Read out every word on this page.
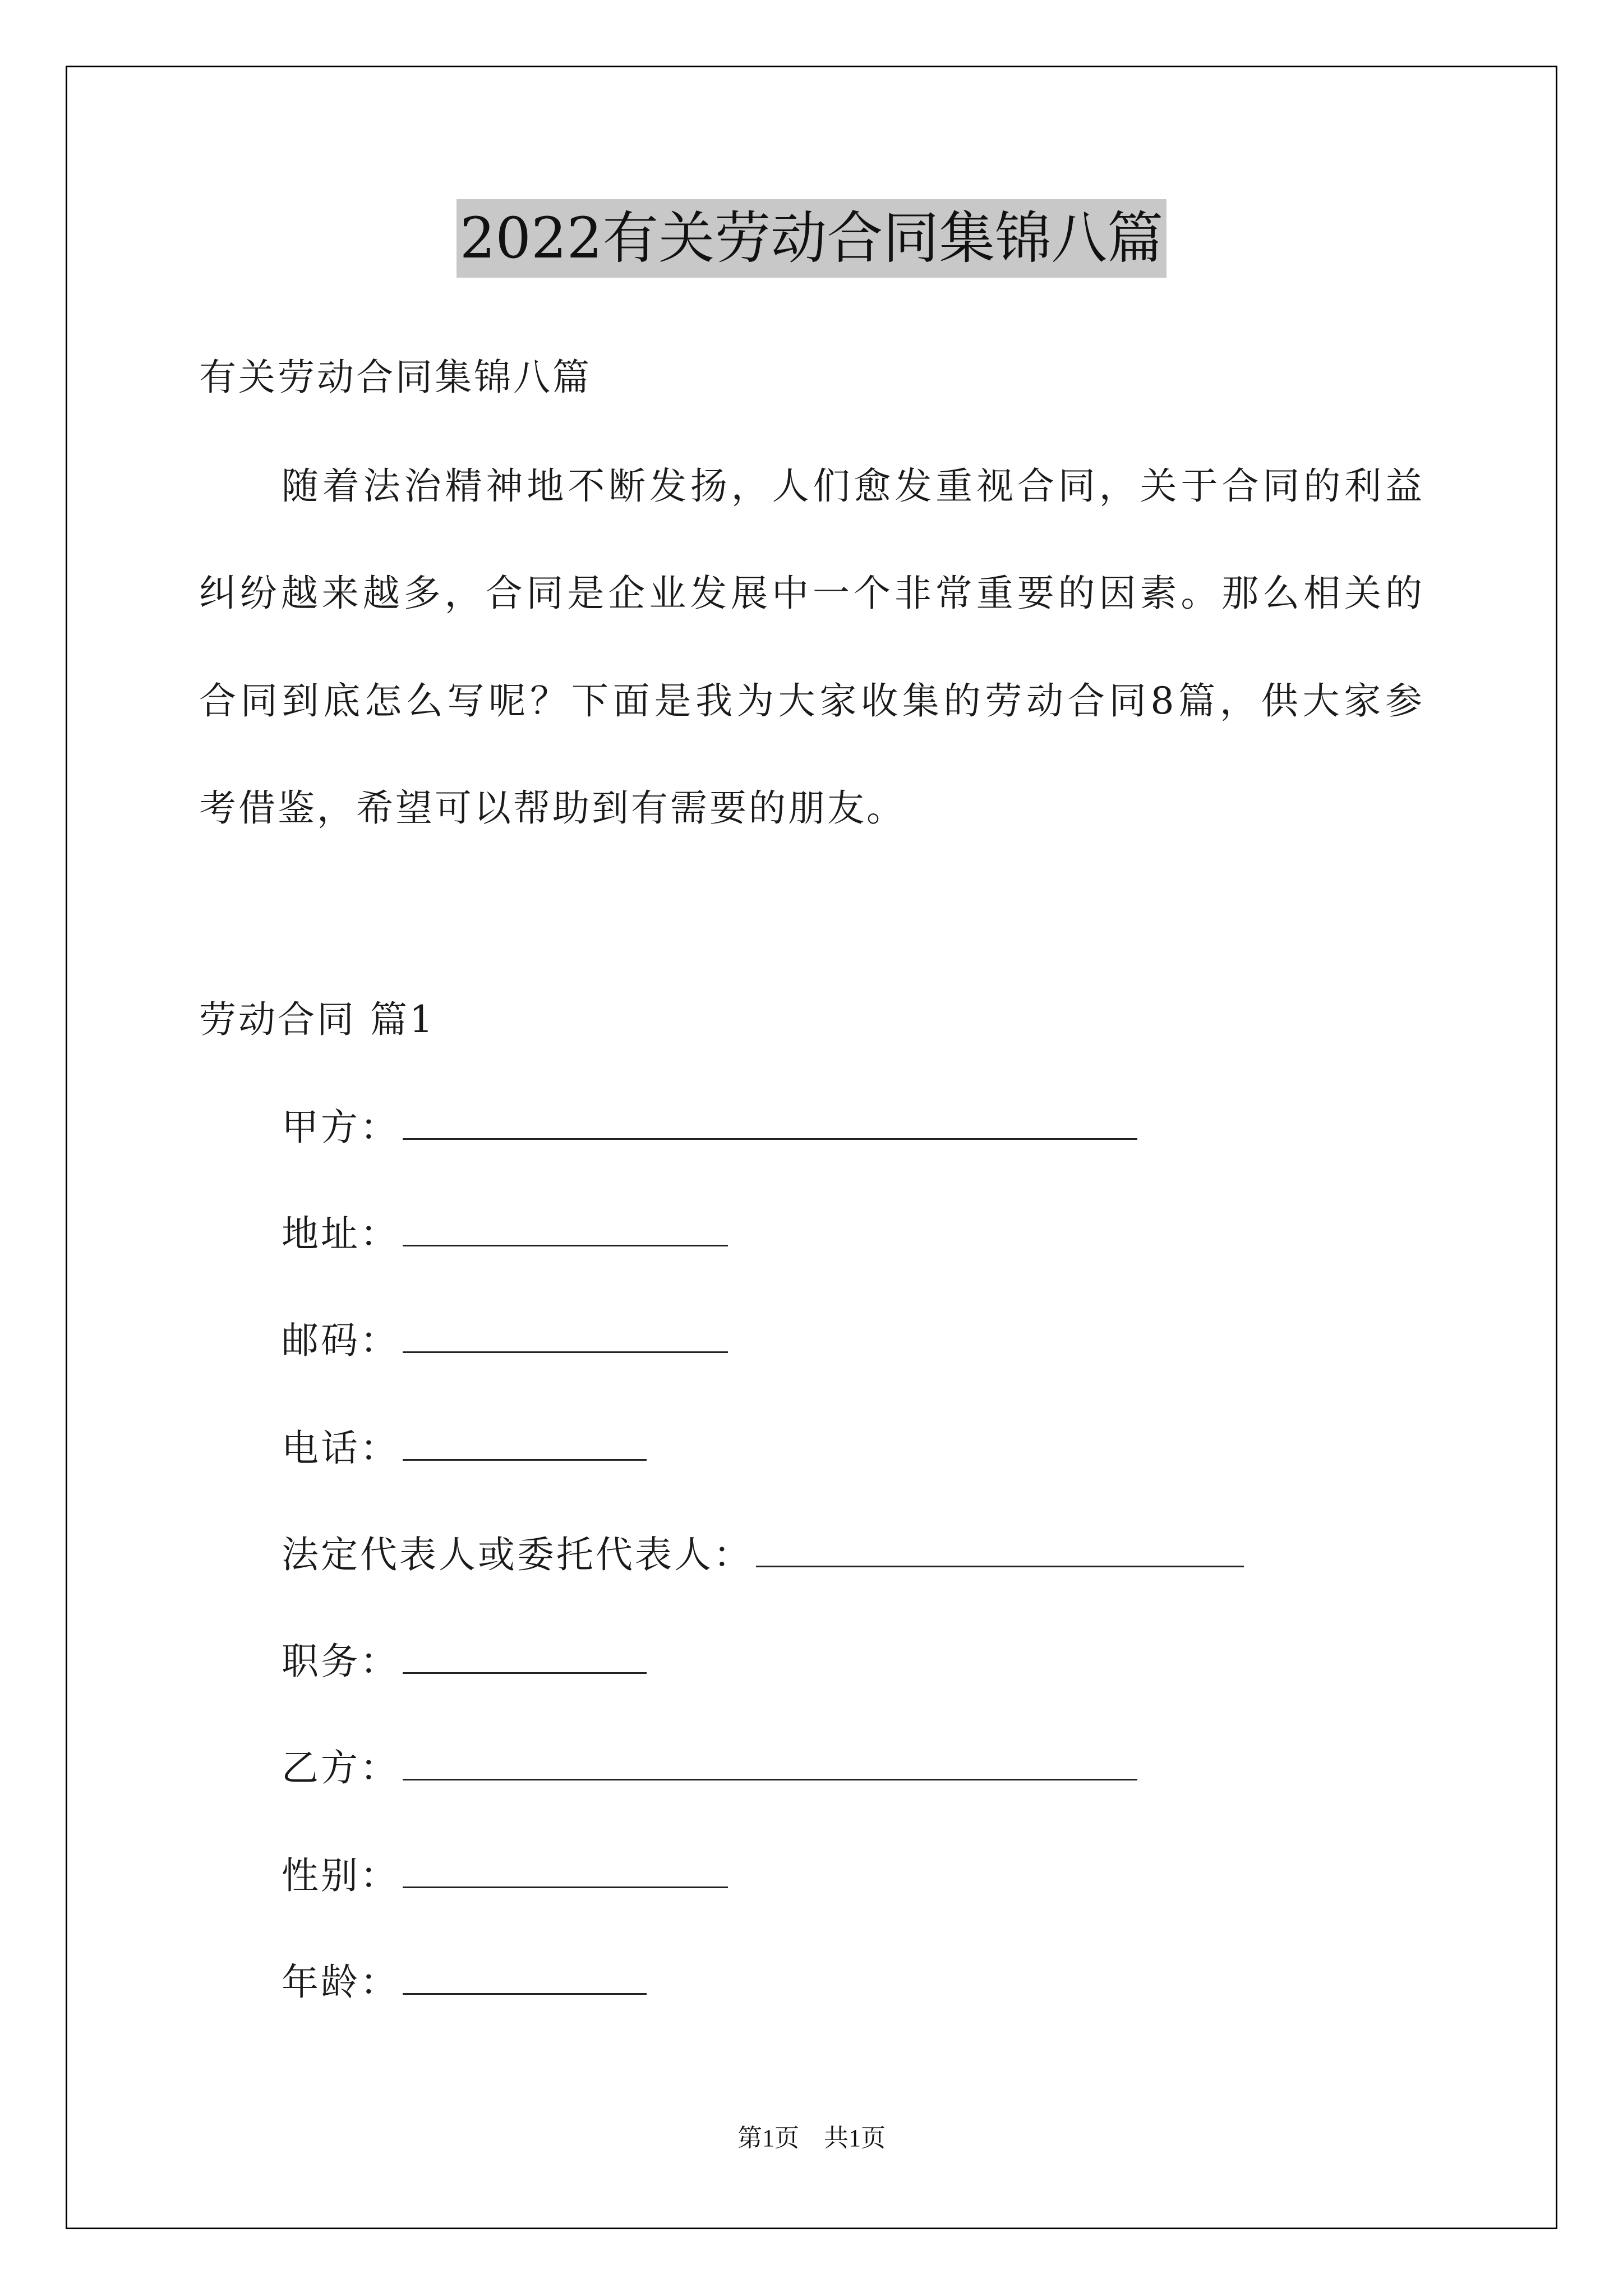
2022有关劳动合同集锦八篇
有关劳动合同集锦八篇
随着法治精神地不断发扬，人们愈发重视合同，关于合同的利益
纠纷越来越多，合同是企业发展中一个非常重要的因素。那么相关的
合同到底怎么写呢？下面是我为大家收集的劳动合同8篇，供大家参
考借鉴，希望可以帮助到有需要的朋友。
劳动合同 篇1
甲方：
地址：
邮码：
电话：
法定代表人或委托代表人：
职务：
乙方：
性别：
年龄：
第1页　共1页
